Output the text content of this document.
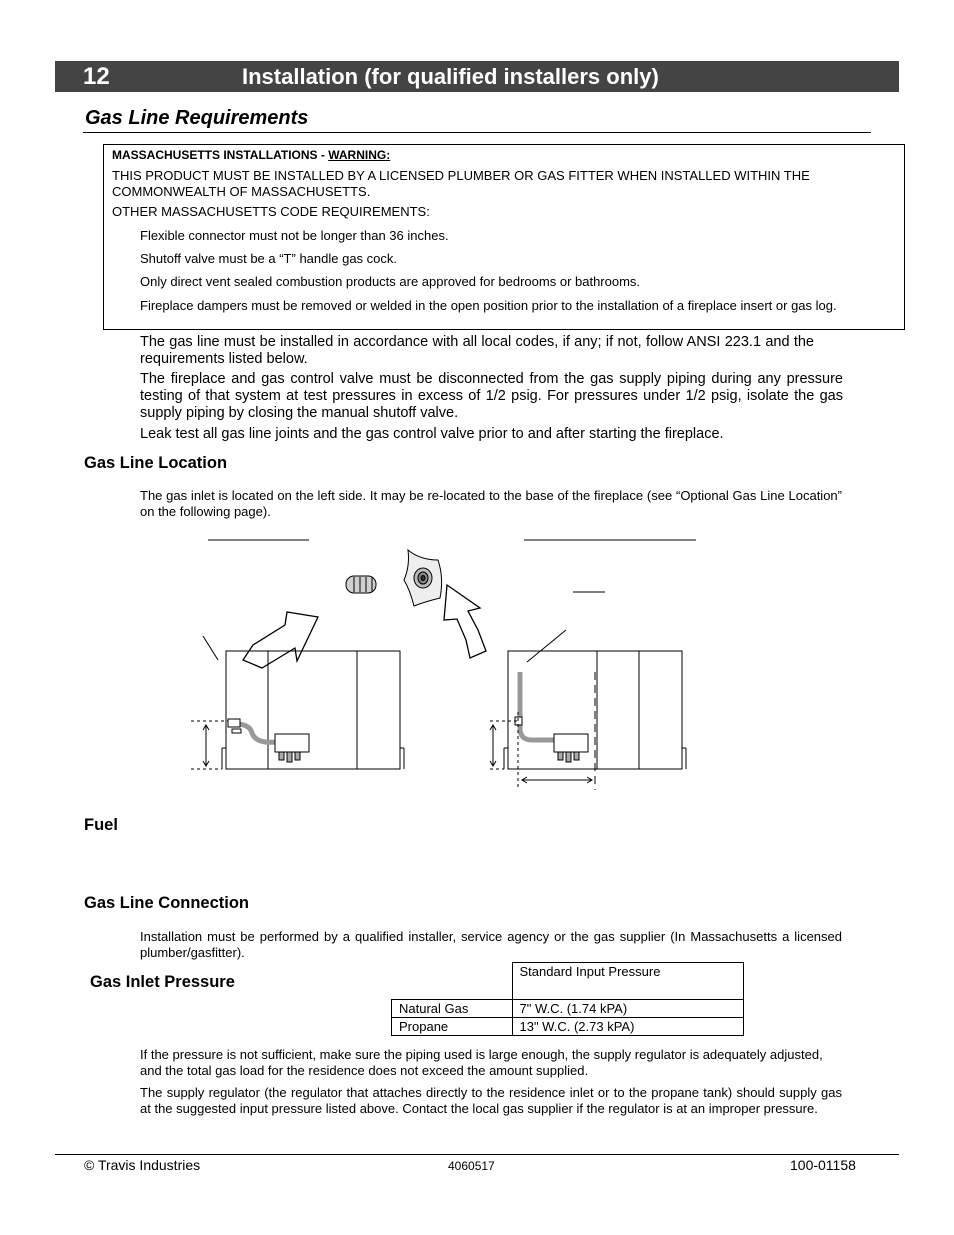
12	Installation (for qualified installers only)
Gas Line Requirements
MASSACHUSETTS INSTALLATIONS - WARNING:
THIS PRODUCT MUST BE INSTALLED BY A LICENSED PLUMBER OR GAS FITTER WHEN INSTALLED WITHIN THE COMMONWEALTH OF MASSACHUSETTS.
OTHER MASSACHUSETTS CODE REQUIREMENTS:
Flexible connector must not be longer than 36 inches.
Shutoff valve must be a “T” handle gas cock.
Only direct vent sealed combustion products are approved for bedrooms or bathrooms.
Fireplace dampers must be removed or welded in the open position prior to the installation of a fireplace insert or gas log.
The gas line must be installed in accordance with all local codes, if any; if not, follow ANSI 223.1 and the requirements listed below.
The fireplace and gas control valve must be disconnected from the gas supply piping during any pressure testing of that system at test pressures in excess of 1/2 psig. For pressures under 1/2 psig, isolate the gas supply piping by closing the manual shutoff valve.
Leak test all gas line joints and the gas control valve prior to and after starting the fireplace.
Gas Line Location
The gas inlet is located on the left side. It may be re-located to the base of the fireplace (see “Optional Gas Line Location” on the following page).
Fuel
Gas Line Connection
Installation must be performed by a qualified installer, service agency or the gas supplier (In Massachusetts a licensed plumber/gasfitter).
Gas Inlet Pressure
	Standard Input Pressure
Natural Gas	7" W.C. (1.74 kPA)
Propane	13" W.C. (2.73 kPA)
If the pressure is not sufficient, make sure the piping used is large enough, the supply regulator is adequately adjusted, and the total gas load for the residence does not exceed the amount supplied.
The supply regulator (the regulator that attaches directly to the residence inlet or to the propane tank) should supply gas at the suggested input pressure listed above. Contact the local gas supplier if the regulator is at an improper pressure.
© Travis Industries	4060517	100-01158
